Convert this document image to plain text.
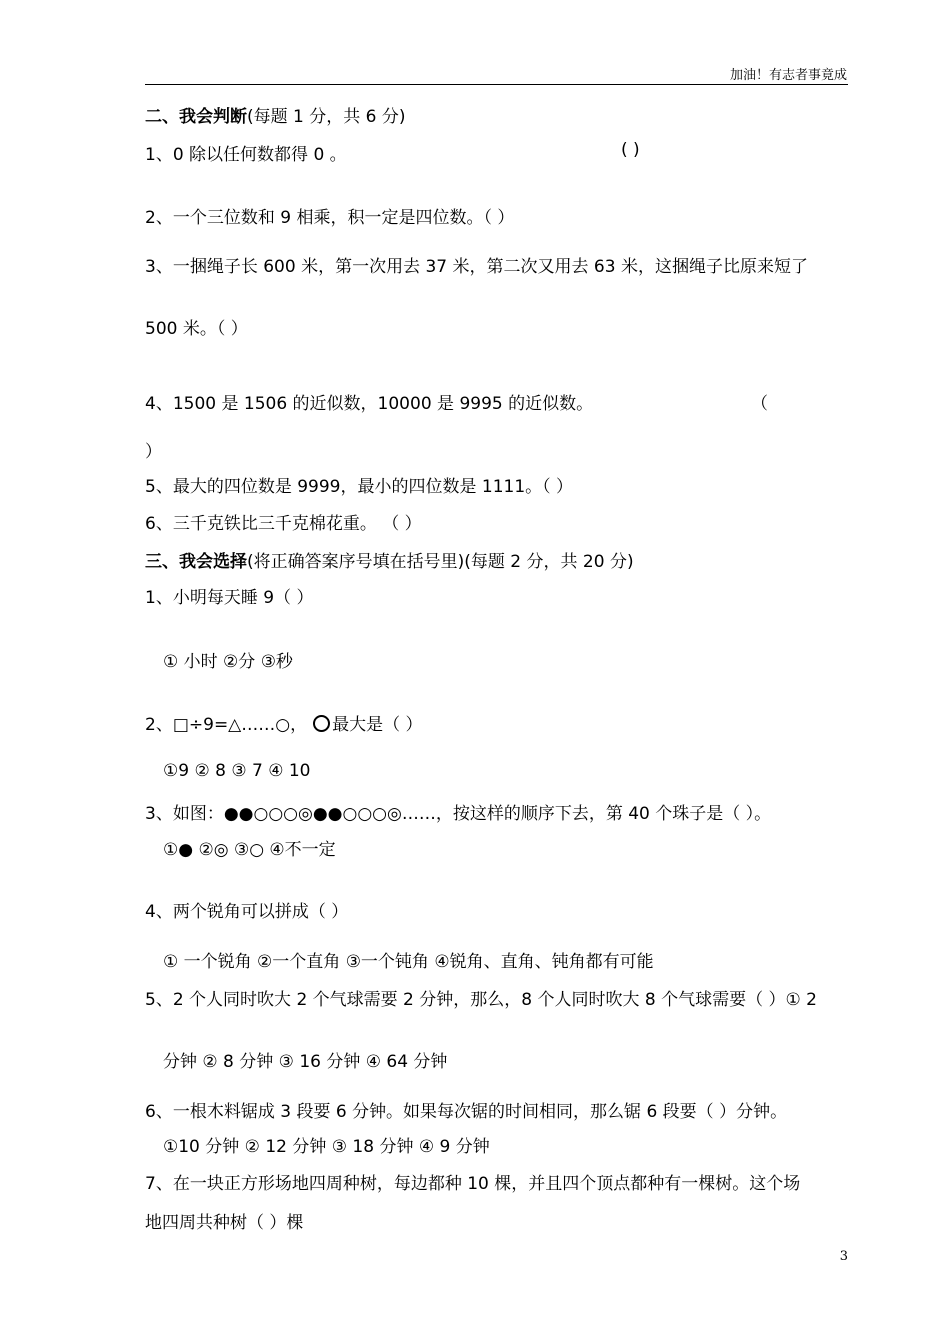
加油！有志者事竟成
二、我会判断(每题 1 分，共 6 分)
1、0 除以任何数都得 0 。	( )
2、一个三位数和 9 相乘，积一定是四位数。（ ）
3、一捆绳子长 600 米，第一次用去 37 米，第二次又用去 63 米，这捆绳子比原来短了
500 米。（ ）
4、1500 是 1506 的近似数，10000 是 9995 的近似数。	（
）
5、最大的四位数是 9999，最小的四位数是 1111。（ ）
6、三千克铁比三千克棉花重。 （ ）
三、我会选择(将正确答案序号填在括号里)(每题 2 分，共 20 分)
1、小明每天睡 9（ ）
① 小时 ②分 ③秒
2、□÷9=△……○， 最大是（ ）
①9 ② 8 ③ 7 ④ 10
3、如图：●●○○○◎●●○○○◎……，按这样的顺序下去，第 40 个珠子是（ ）。
①● ②◎ ③○ ④不一定
4、两个锐角可以拼成（ ）
① 一个锐角 ②一个直角 ③一个钝角 ④锐角、直角、钝角都有可能
5、2 个人同时吹大 2 个气球需要 2 分钟，那么，8 个人同时吹大 8 个气球需要（ ）① 2
分钟 ② 8 分钟 ③ 16 分钟 ④ 64 分钟
6、一根木料锯成 3 段要 6 分钟。如果每次锯的时间相同，那么锯 6 段要（ ）分钟。
①10 分钟 ② 12 分钟 ③ 18 分钟 ④ 9 分钟
7、在一块正方形场地四周种树，每边都种 10 棵，并且四个顶点都种有一棵树。这个场
地四周共种树（ ）棵
3
